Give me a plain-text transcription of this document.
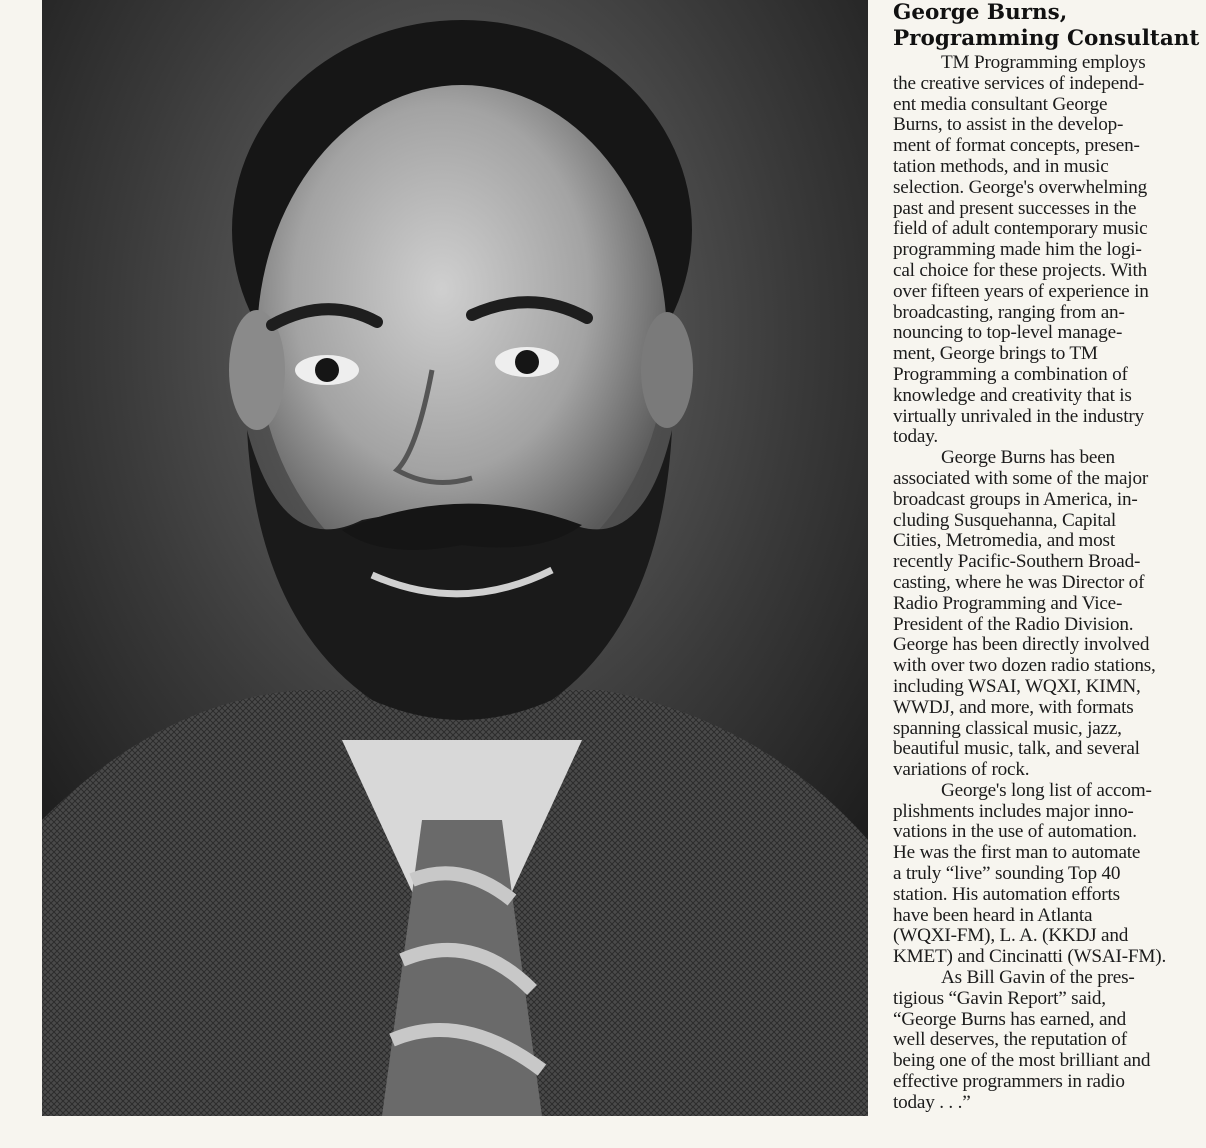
George Burns,
Programming Consultant
TM Programming employs
the creative services of independ-
ent media consultant George
Burns, to assist in the develop-
ment of format concepts, presen-
tation methods, and in music
selection. George's overwhelming
past and present successes in the
field of adult contemporary music
programming made him the logi-
cal choice for these projects. With
over fifteen years of experience in
broadcasting, ranging from an-
nouncing to top-level manage-
ment, George brings to TM
Programming a combination of
knowledge and creativity that is
virtually unrivaled in the industry
today.
George Burns has been
associated with some of the major
broadcast groups in America, in-
cluding Susquehanna, Capital
Cities, Metromedia, and most
recently Pacific-Southern Broad-
casting, where he was Director of
Radio Programming and Vice-
President of the Radio Division.
George has been directly involved
with over two dozen radio stations,
including WSAI, WQXI, KIMN,
WWDJ, and more, with formats
spanning classical music, jazz,
beautiful music, talk, and several
variations of rock.
George's long list of accom-
plishments includes major inno-
vations in the use of automation.
He was the first man to automate
a truly “live” sounding Top 40
station. His automation efforts
have been heard in Atlanta
(WQXI-FM), L. A. (KKDJ and
KMET) and Cincinatti (WSAI-FM).
As Bill Gavin of the pres-
tigious “Gavin Report” said,
“George Burns has earned, and
well deserves, the reputation of
being one of the most brilliant and
effective programmers in radio
today . . .”
